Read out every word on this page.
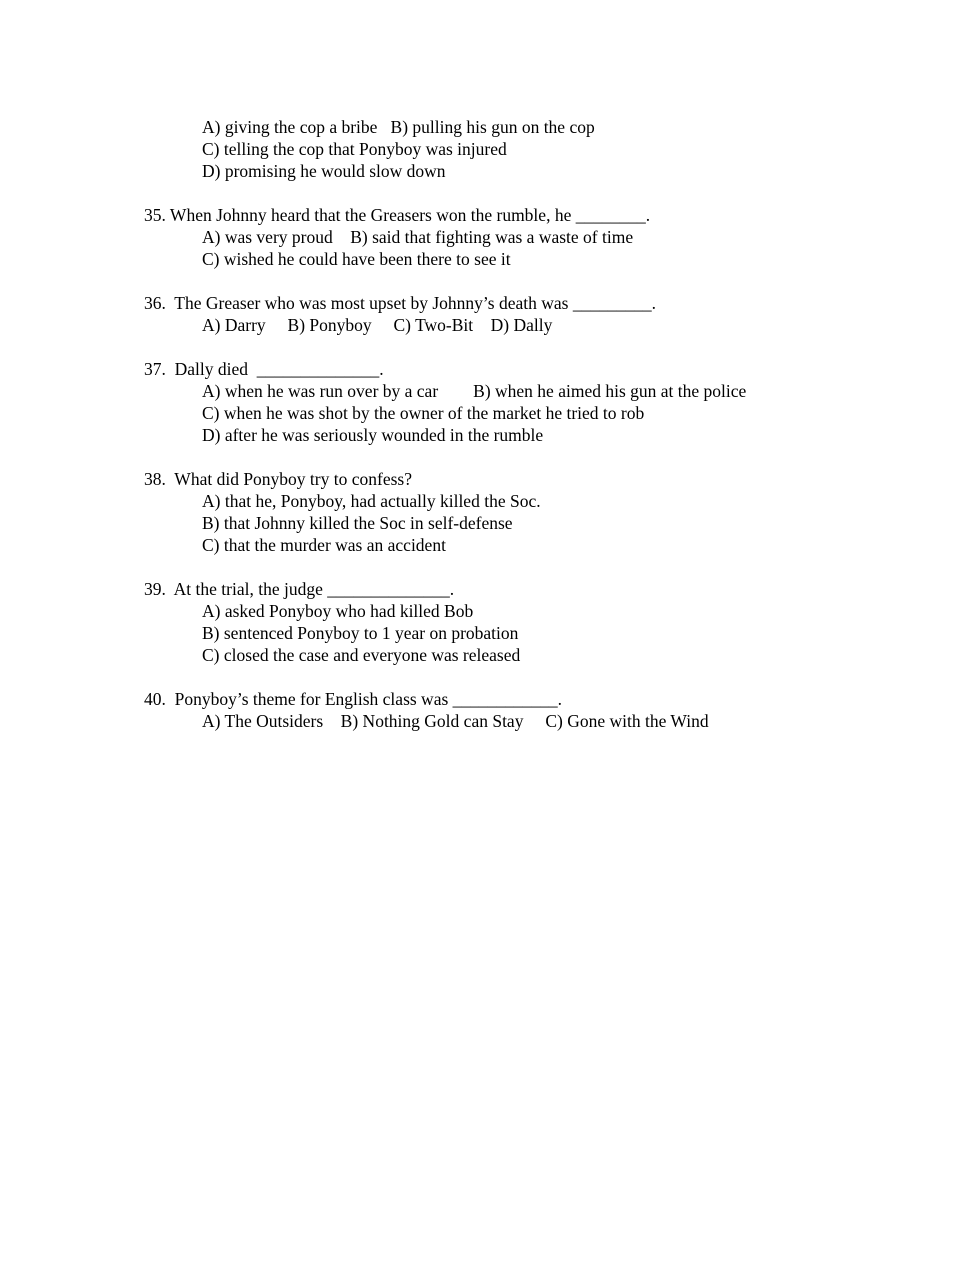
A) giving the cop a bribe   B) pulling his gun on the cop
C) telling the cop that Ponyboy was injured
D) promising he would slow down
35. When Johnny heard that the Greasers won the rumble, he ________.
A) was very proud    B) said that fighting was a waste of time
C) wished he could have been there to see it
36.  The Greaser who was most upset by Johnny’s death was _________.
A) Darry     B) Ponyboy     C) Two-Bit    D) Dally
37.  Dally died  ______________.
A) when he was run over by a car        B) when he aimed his gun at the police
C) when he was shot by the owner of the market he tried to rob
D) after he was seriously wounded in the rumble
38.  What did Ponyboy try to confess?
A) that he, Ponyboy, had actually killed the Soc.
B) that Johnny killed the Soc in self-defense
C) that the murder was an accident
39.  At the trial, the judge ______________.
A) asked Ponyboy who had killed Bob
B) sentenced Ponyboy to 1 year on probation
C) closed the case and everyone was released
40.  Ponyboy’s theme for English class was ____________.
A) The Outsiders    B) Nothing Gold can Stay     C) Gone with the Wind
